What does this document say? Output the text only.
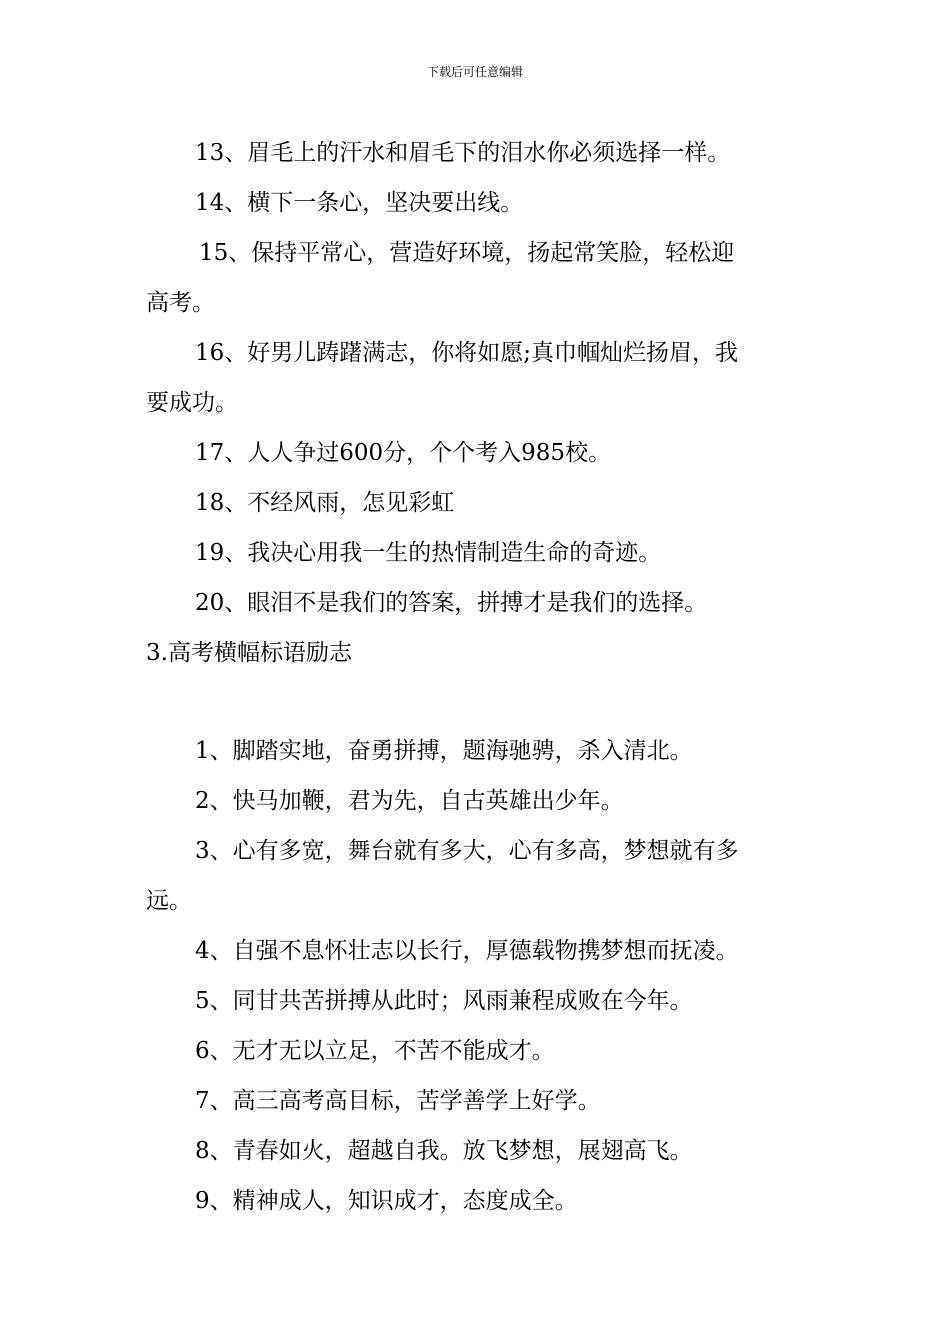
下载后可任意编辑

13、眉毛上的汗水和眉毛下的泪水你必须选择一样。

14、横下一条心，坚决要出线。

15、保持平常心，营造好环境，扬起常笑脸，轻松迎

高考。

16、好男儿踌躇满志，你将如愿;真巾帼灿烂扬眉，我

要成功。

17、人人争过600分，个个考入985校。

18、不经风雨，怎见彩虹

19、我决心用我一生的热情制造生命的奇迹。

20、眼泪不是我们的答案，拼搏才是我们的选择。

3.高考横幅标语励志

1、脚踏实地，奋勇拼搏，题海驰骋，杀入清北。

2、快马加鞭，君为先，自古英雄出少年。

3、心有多宽，舞台就有多大，心有多高，梦想就有多

远。

4、自强不息怀壮志以长行，厚德载物携梦想而抚凌。

5、同甘共苦拼搏从此时；风雨兼程成败在今年。

6、无才无以立足，不苦不能成才。

7、高三高考高目标，苦学善学上好学。

8、青春如火，超越自我。放飞梦想，展翅高飞。

9、精神成人，知识成才，态度成全。
